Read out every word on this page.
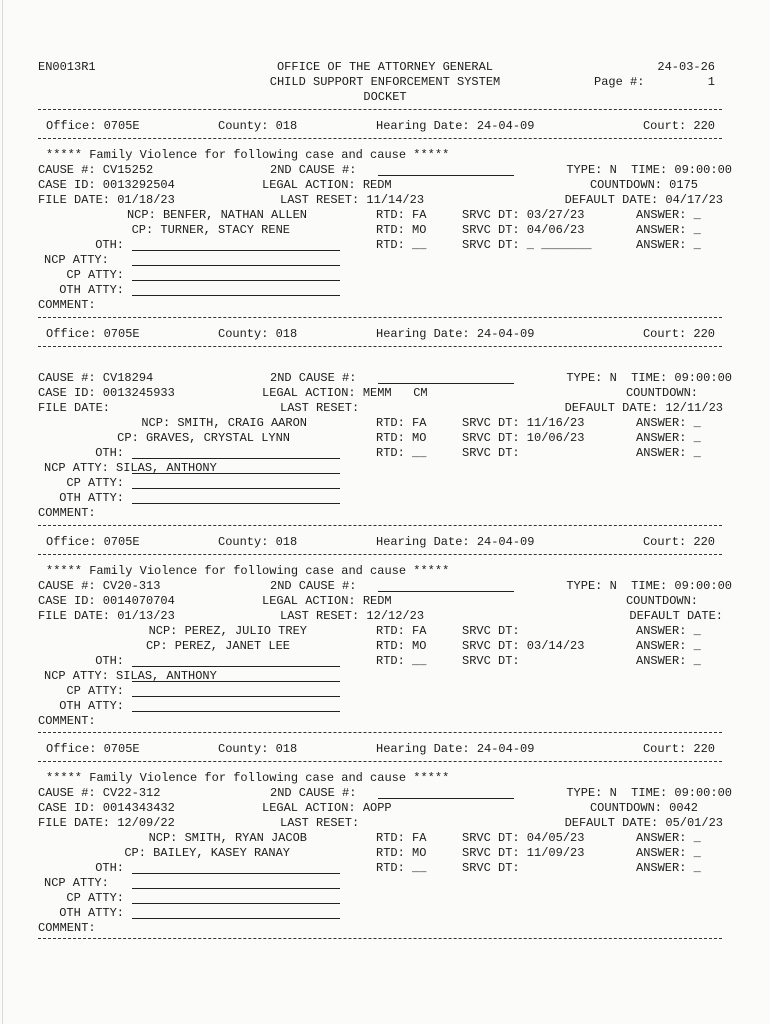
EN0013R1	OFFICE OF THE ATTORNEY GENERAL
CHILD SUPPORT ENFORCEMENT SYSTEM
DOCKET
24-03-26
Page #:	1
Office: 0705E	County: 018	Hearing Date: 24-04-09	Court: 220
***** Family Violence for following case and cause *****
CAUSE #: CV15252	2ND CAUSE #:	TYPE: N  TIME: 09:00:00
CASE ID: 0013292504	LEGAL ACTION: REDM	COUNTDOWN: 0175
FILE DATE: 01/18/23	LAST RESET: 11/14/23	DEFAULT DATE: 04/17/23
NCP: BENFER, NATHAN ALLEN	RTD: FA	SRVC DT: 03/27/23	ANSWER: _
CP: TURNER, STACY RENE	RTD: MO	SRVC DT: 04/06/23	ANSWER: _
OTH:	RTD: __	SRVC DT: _ _______	ANSWER: _
NCP ATTY:
CP ATTY:
OTH ATTY:
COMMENT:
Office: 0705E	County: 018	Hearing Date: 24-04-09	Court: 220
CAUSE #: CV18294	2ND CAUSE #:	TYPE: N  TIME: 09:00:00
CASE ID: 0013245933	LEGAL ACTION: MEMM   CM	COUNTDOWN:
FILE DATE:	LAST RESET:	DEFAULT DATE: 12/11/23
NCP: SMITH, CRAIG AARON	RTD: FA	SRVC DT: 11/16/23	ANSWER: _
CP: GRAVES, CRYSTAL LYNN	RTD: MO	SRVC DT: 10/06/23	ANSWER: _
OTH:	RTD: __	SRVC DT:	ANSWER: _
NCP ATTY: SILAS, ANTHONY
CP ATTY:
OTH ATTY:
COMMENT:
Office: 0705E	County: 018	Hearing Date: 24-04-09	Court: 220
***** Family Violence for following case and cause *****
CAUSE #: CV20-313	2ND CAUSE #:	TYPE: N  TIME: 09:00:00
CASE ID: 0014070704	LEGAL ACTION: REDM	COUNTDOWN:
FILE DATE: 01/13/23	LAST RESET: 12/12/23	DEFAULT DATE:
NCP: PEREZ, JULIO TREY	RTD: FA	SRVC DT:	ANSWER: _
CP: PEREZ, JANET LEE	RTD: MO	SRVC DT: 03/14/23	ANSWER: _
OTH:	RTD: __	SRVC DT:	ANSWER: _
NCP ATTY: SILAS, ANTHONY
CP ATTY:
OTH ATTY:
COMMENT:
Office: 0705E	County: 018	Hearing Date: 24-04-09	Court: 220
***** Family Violence for following case and cause *****
CAUSE #: CV22-312	2ND CAUSE #:	TYPE: N  TIME: 09:00:00
CASE ID: 0014343432	LEGAL ACTION: AOPP	COUNTDOWN: 0042
FILE DATE: 12/09/22	LAST RESET:	DEFAULT DATE: 05/01/23
NCP: SMITH, RYAN JACOB	RTD: FA	SRVC DT: 04/05/23	ANSWER: _
CP: BAILEY, KASEY RANAY	RTD: MO	SRVC DT: 11/09/23	ANSWER: _
OTH:	RTD: __	SRVC DT:	ANSWER: _
NCP ATTY:
CP ATTY:
OTH ATTY:
COMMENT:
